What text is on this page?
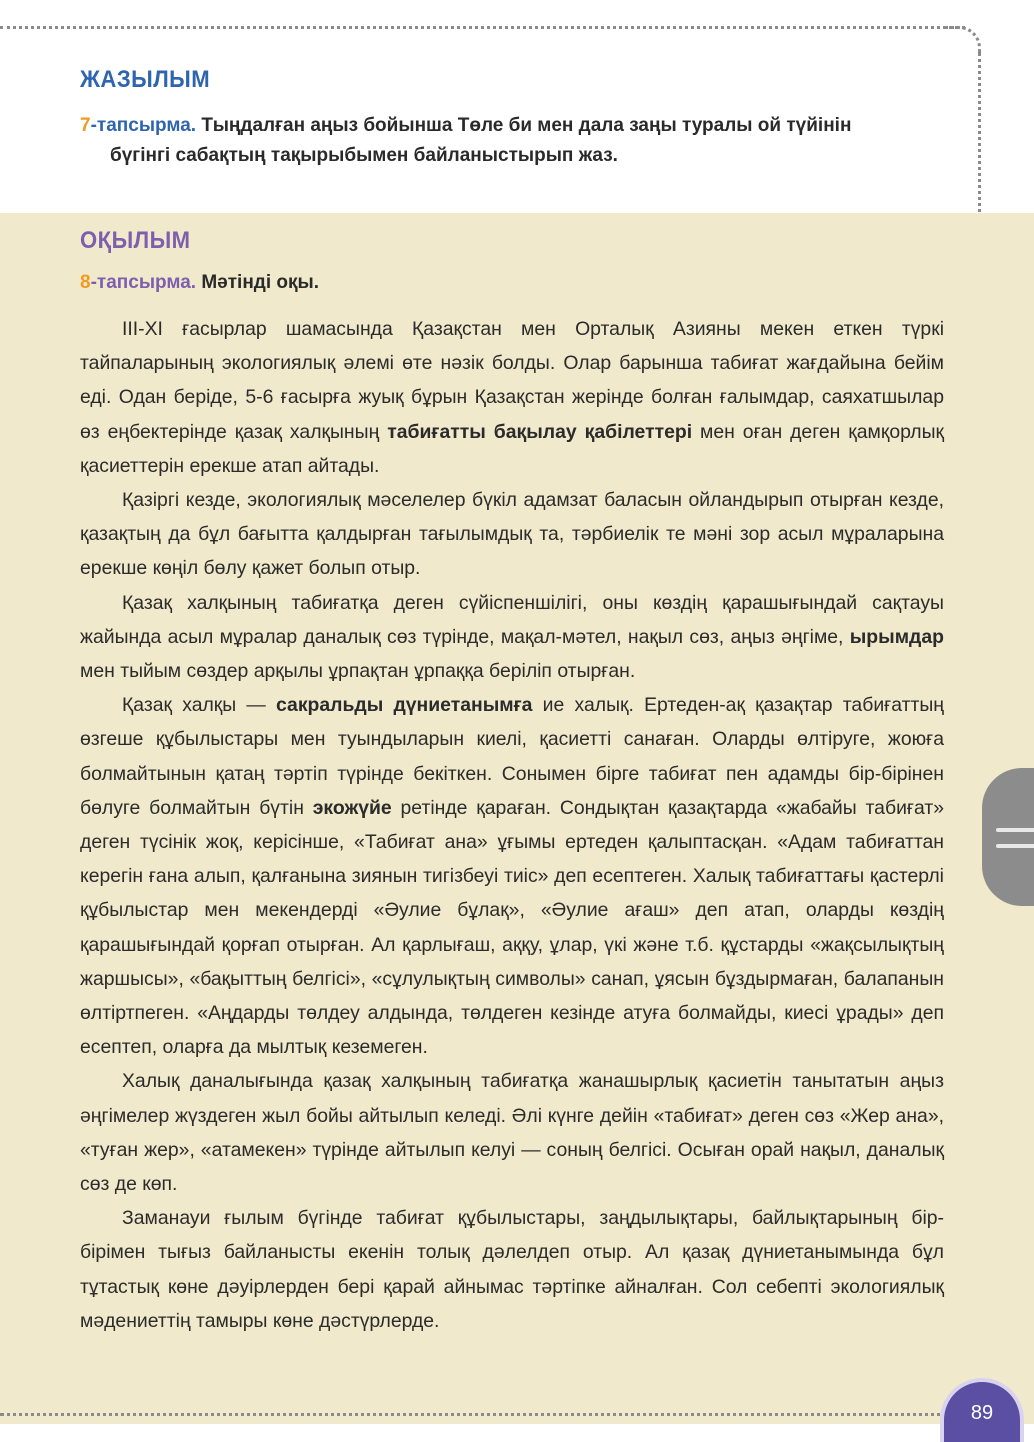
ЖАЗЫЛЫМ
7-тапсырма. Тыңдалған аңыз бойынша Төле би мен дала заңы туралы ой түйінін
бүгінгі сабақтың тақырыбымен байланыстырып жаз.
ОҚЫЛЫМ
8-тапсырма. Мәтінді оқы.

ІІІ-ХІ ғасырлар шамасында Қазақстан мен Орталық Азияны мекен еткен түркі тайпаларының экологиялық әлемі өте нәзік болды. Олар барынша табиғат жағдайына бейім еді. Одан беріде, 5-6 ғасырға жуық бұрын Қазақстан жерінде болған ғалымдар, саяхатшылар өз еңбектерінде қазақ халқының табиғатты бақылау қабілеттері мен оған деген қамқорлық қасиеттерін ерекше атап айтады.

Қазіргі кезде, экологиялық мәселелер бүкіл адамзат баласын ойландырып отырған кезде, қазақтың да бұл бағытта қалдырған тағылымдық та, тәрбиелік те мәні зор асыл мұраларына ерекше көңіл бөлу қажет болып отыр.

Қазақ халқының табиғатқа деген сүйіспеншілігі, оны көздің қарашығындай сақтауы жайында асыл мұралар даналық сөз түрінде, мақал-мәтел, нақыл сөз, аңыз әңгіме, ырымдар мен тыйым сөздер арқылы ұрпақтан ұрпаққа беріліп отырған.

Қазақ халқы — сакральды дүниетанымға ие халық. Ертеден-ақ қазақтар табиғаттың өзгеше құбылыстары мен туындыларын киелі, қасиетті санаған. Оларды өлтіруге, жоюға болмайтынын қатаң тәртіп түрінде бекіткен. Сонымен бірге табиғат пен адамды бір-бірінен бөлуге болмайтын бүтін экожүйе ретінде қараған. Сондықтан қазақтарда «жабайы табиғат» деген түсінік жоқ, керісінше, «Табиғат ана» ұғымы ертеден қалыптасқан. «Адам табиғаттан керегін ғана алып, қалғанына зиянын тигізбеуі тиіс» деп есептеген. Халық табиғаттағы қастерлі құбылыстар мен мекендерді «Әулие бұлақ», «Әулие ағаш» деп атап, оларды көздің қарашығындай қорғап отырған. Ал қарлығаш, аққу, ұлар, үкі және т.б. құстарды «жақсылықтың жаршысы», «бақыттың белгісі», «сұлулықтың символы» санап, ұясын бұздырмаған, балапанын өлтіртпеген. «Аңдарды төлдеу алдында, төлдеген кезінде атуға болмайды, киесі ұрады» деп есептеп, оларға да мылтық кеземеген.

Халық даналығында қазақ халқының табиғатқа жанашырлық қасиетін танытатын аңыз әңгімелер жүздеген жыл бойы айтылып келеді. Әлі күнге дейін «табиғат» деген сөз «Жер ана», «туған жер», «атамекен» түрінде айтылып келуі — соның белгісі. Осыған орай нақыл, даналық сөз де көп.

Заманауи ғылым бүгінде табиғат құбылыстары, заңдылықтары, байлықтарының бір-бірімен тығыз байланысты екенін толық дәлелдеп отыр. Ал қазақ дүниетанымында бұл тұтастық көне дәуірлерден бері қарай айнымас тәртіпке айналған. Сол себепті экологиялық мәдениеттің тамыры көне дәстүрлерде.

89
